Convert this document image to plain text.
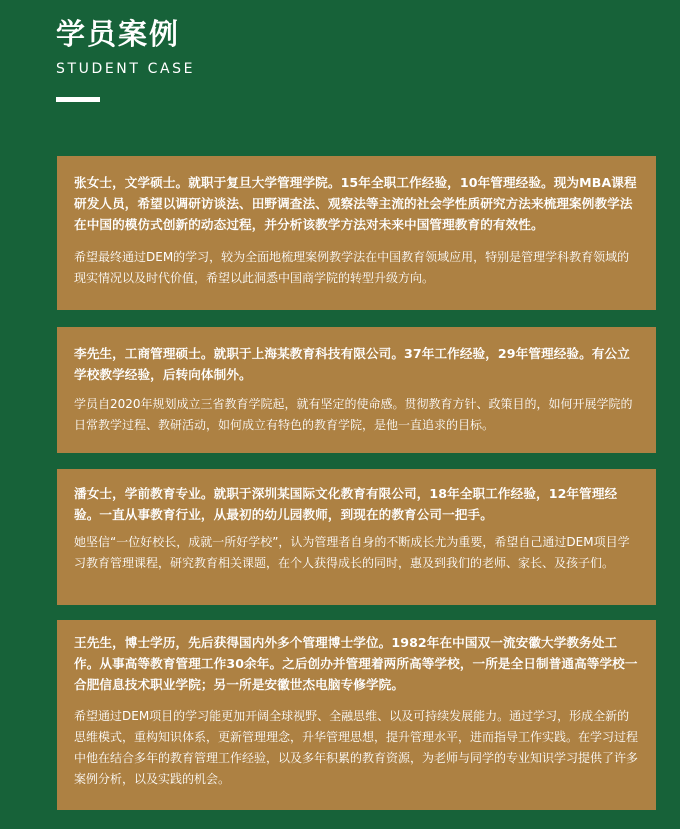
学员案例
STUDENT CASE

张女士，文学硕士。就职于复旦大学管理学院。15年全职工作经验，10年管理经验。现为MBA课程研发人员，希望以调研访谈法、田野调查法、观察法等主流的社会学性质研究方法来梳理案例教学法在中国的模仿式创新的动态过程，并分析该教学方法对未来中国管理教育的有效性。

希望最终通过DEM的学习，较为全面地梳理案例教学法在中国教育领域应用，特别是管理学科教育领域的现实情况以及时代价值，希望以此洞悉中国商学院的转型升级方向。

李先生，工商管理硕士。就职于上海某教育科技有限公司。37年工作经验，29年管理经验。有公立学校教学经验，后转向体制外。

学员自2020年规划成立三省教育学院起，就有坚定的使命感。贯彻教育方针、政策目的，如何开展学院的日常教学过程、教研活动，如何成立有特色的教育学院，是他一直追求的目标。

潘女士，学前教育专业。就职于深圳某国际文化教育有限公司，18年全职工作经验，12年管理经验。一直从事教育行业，从最初的幼儿园教师，到现在的教育公司一把手。

她坚信“一位好校长，成就一所好学校”，认为管理者自身的不断成长尤为重要，希望自己通过DEM项目学习教育管理课程，研究教育相关课题，在个人获得成长的同时，惠及到我们的老师、家长、及孩子们。

王先生，博士学历，先后获得国内外多个管理博士学位。1982年在中国双一流安徽大学教务处工作。从事高等教育管理工作30余年。之后创办并管理着两所高等学校，一所是全日制普通高等学校一合肥信息技术职业学院；另一所是安徽世杰电脑专修学院。

希望通过DEM项目的学习能更加开阔全球视野、全融思维、以及可持续发展能力。通过学习，形成全新的思维模式，重构知识体系，更新管理理念，升华管理思想，提升管理水平，进而指导工作实践。在学习过程中他在结合多年的教育管理工作经验，以及多年积累的教育资源，为老师与同学的专业知识学习提供了许多案例分析，以及实践的机会。
